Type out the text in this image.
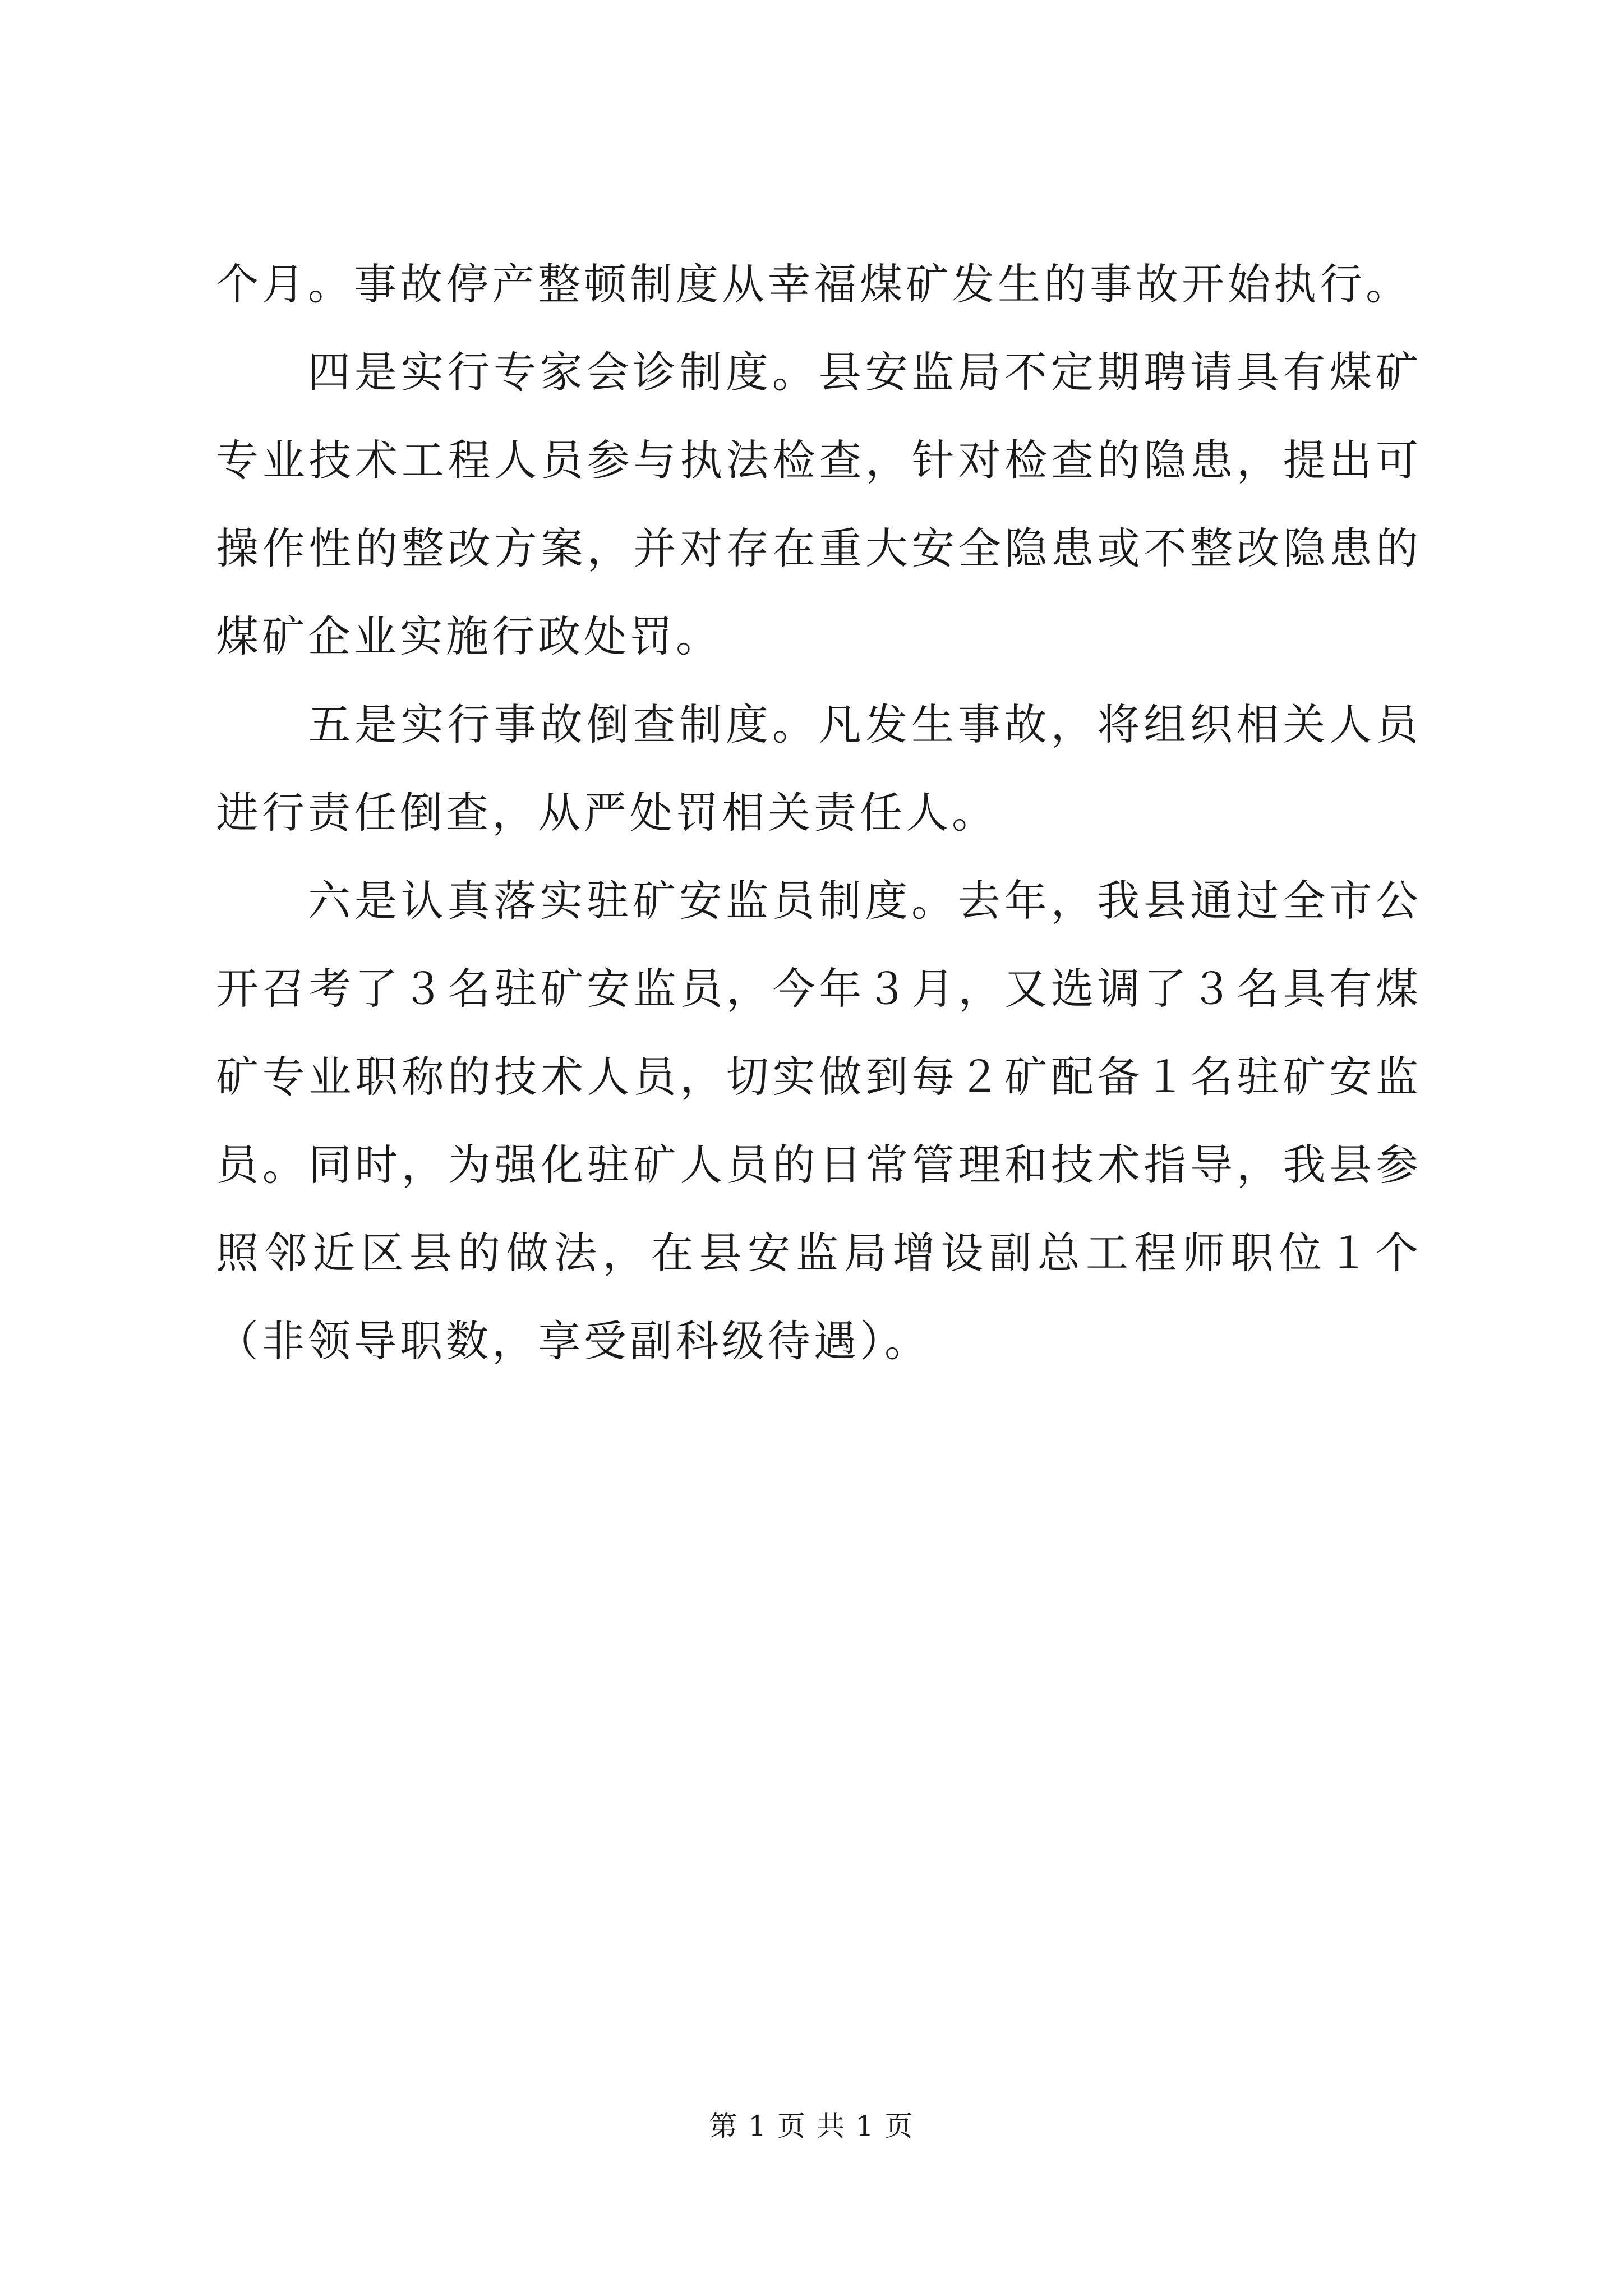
个月。事故停产整顿制度从幸福煤矿发生的事故开始执行。

四是实行专家会诊制度。县安监局不定期聘请具有煤矿专业技术工程人员参与执法检查，针对检查的隐患，提出可操作性的整改方案，并对存在重大安全隐患或不整改隐患的煤矿企业实施行政处罚。

五是实行事故倒查制度。凡发生事故，将组织相关人员进行责任倒查，从严处罚相关责任人。

六是认真落实驻矿安监员制度。去年，我县通过全市公开召考了３名驻矿安监员，今年３月，又选调了３名具有煤矿专业职称的技术人员，切实做到每２矿配备１名驻矿安监员。同时，为强化驻矿人员的日常管理和技术指导，我县参照邻近区县的做法，在县安监局增设副总工程师职位１个（非领导职数，享受副科级待遇）。

第 1 页 共 1 页
